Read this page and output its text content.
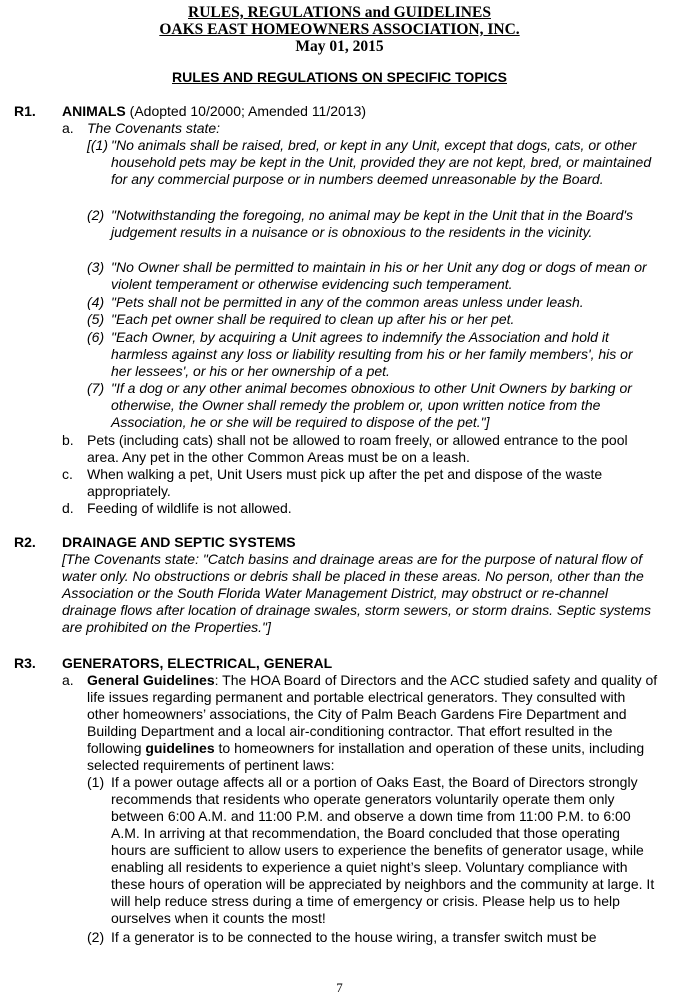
RULES, REGULATIONS and GUIDELINES
OAKS EAST HOMEOWNERS ASSOCIATION, INC.
May 01, 2015
RULES AND REGULATIONS ON SPECIFIC TOPICS
R1. ANIMALS (Adopted 10/2000; Amended 11/2013)
a. The Covenants state:
[(1) "No animals shall be raised, bred, or kept in any Unit, except that dogs, cats, or other household pets may be kept in the Unit, provided they are not kept, bred, or maintained for any commercial purpose or in numbers deemed unreasonable by the Board.
(2) "Notwithstanding the foregoing, no animal may be kept in the Unit that in the Board's judgement results in a nuisance or is obnoxious to the residents in the vicinity.
(3) "No Owner shall be permitted to maintain in his or her Unit any dog or dogs of mean or violent temperament or otherwise evidencing such temperament.
(4) "Pets shall not be permitted in any of the common areas unless under leash.
(5) "Each pet owner shall be required to clean up after his or her pet.
(6) "Each Owner, by acquiring a Unit agrees to indemnify the Association and hold it harmless against any loss or liability resulting from his or her family members', his or her lessees', or his or her ownership of a pet.
(7) "If a dog or any other animal becomes obnoxious to other Unit Owners by barking or otherwise, the Owner shall remedy the problem or, upon written notice from the Association, he or she will be required to dispose of the pet."]
b. Pets (including cats) shall not be allowed to roam freely, or allowed entrance to the pool area. Any pet in the other Common Areas must be on a leash.
c. When walking a pet, Unit Users must pick up after the pet and dispose of the waste appropriately.
d. Feeding of wildlife is not allowed.
R2. DRAINAGE AND SEPTIC SYSTEMS
[The Covenants state: "Catch basins and drainage areas are for the purpose of natural flow of water only. No obstructions or debris shall be placed in these areas. No person, other than the Association or the South Florida Water Management District, may obstruct or re-channel drainage flows after location of drainage swales, storm sewers, or storm drains. Septic systems are prohibited on the Properties."]
R3. GENERATORS, ELECTRICAL, GENERAL
a. General Guidelines: The HOA Board of Directors and the ACC studied safety and quality of life issues regarding permanent and portable electrical generators. They consulted with other homeowners’ associations, the City of Palm Beach Gardens Fire Department and Building Department and a local air-conditioning contractor. That effort resulted in the following guidelines to homeowners for installation and operation of these units, including selected requirements of pertinent laws:
(1) If a power outage affects all or a portion of Oaks East, the Board of Directors strongly recommends that residents who operate generators voluntarily operate them only between 6:00 A.M. and 11:00 P.M. and observe a down time from 11:00 P.M. to 6:00 A.M. In arriving at that recommendation, the Board concluded that those operating hours are sufficient to allow users to experience the benefits of generator usage, while enabling all residents to experience a quiet night’s sleep. Voluntary compliance with these hours of operation will be appreciated by neighbors and the community at large. It will help reduce stress during a time of emergency or crisis. Please help us to help ourselves when it counts the most!
(2) If a generator is to be connected to the house wiring, a transfer switch must be
7
